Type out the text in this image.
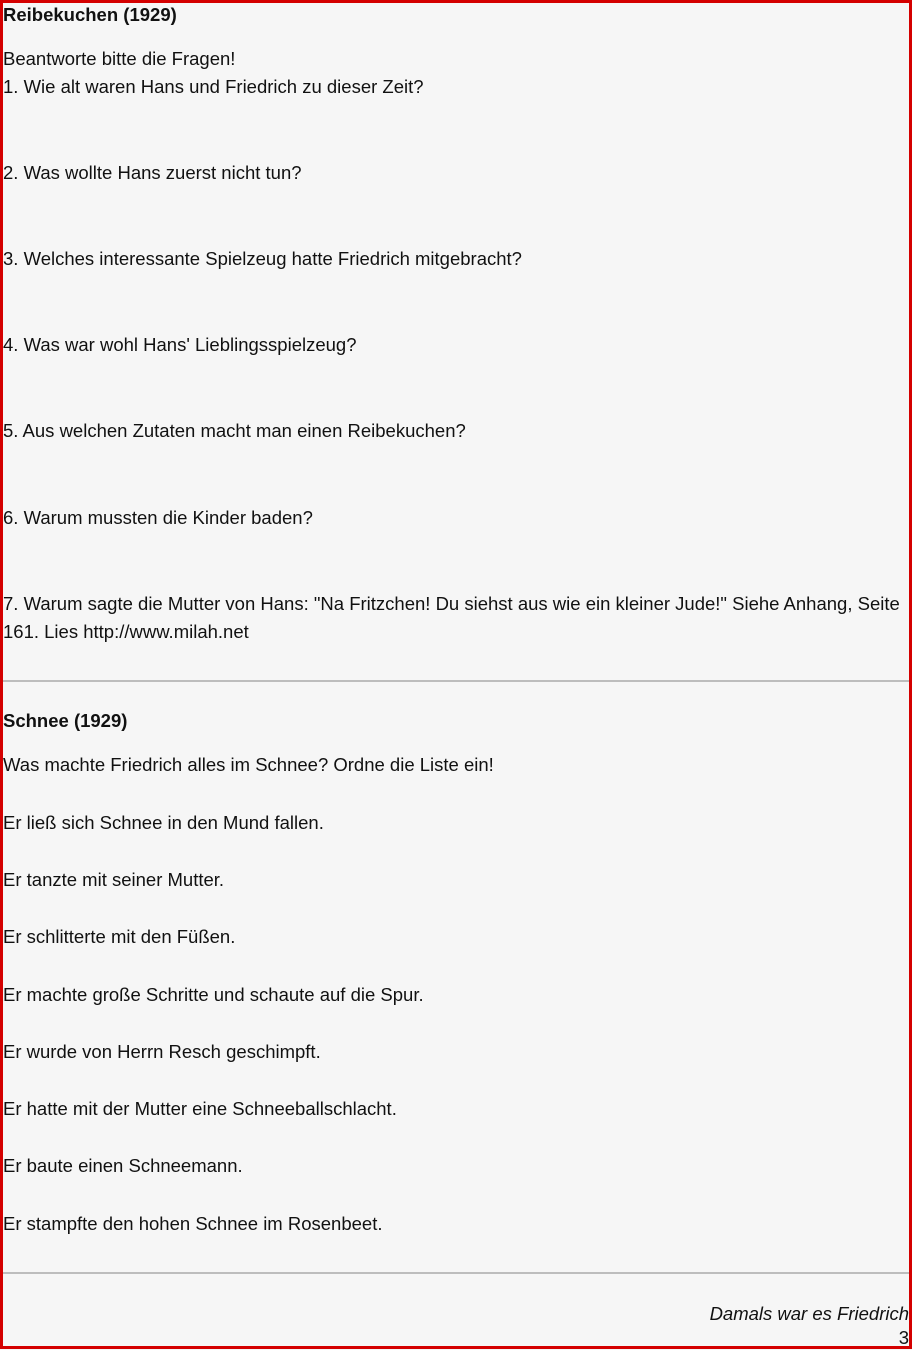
Reibekuchen (1929)
Beantworte bitte die Fragen!
1. Wie alt waren Hans und Friedrich zu dieser Zeit?
2. Was wollte Hans zuerst nicht tun?
3. Welches interessante Spielzeug hatte Friedrich mitgebracht?
4. Was war wohl Hans' Lieblingsspielzeug?
5. Aus welchen Zutaten macht man einen Reibekuchen?
6. Warum mussten die Kinder baden?
7. Warum sagte die Mutter von Hans: "Na Fritzchen! Du siehst aus wie ein kleiner Jude!" Siehe Anhang, Seite 161. Lies http://www.milah.net
Schnee (1929)
Was machte Friedrich alles im Schnee? Ordne die Liste ein!
Er ließ sich Schnee in den Mund fallen.
Er tanzte mit seiner Mutter.
Er schlitterte mit den Füßen.
Er machte große Schritte und schaute auf die Spur.
Er wurde von Herrn Resch geschimpft.
Er hatte mit der Mutter eine Schneeballschlacht.
Er baute einen Schneemann.
Er stampfte den hohen Schnee im Rosenbeet.
Damals war es Friedrich
3
